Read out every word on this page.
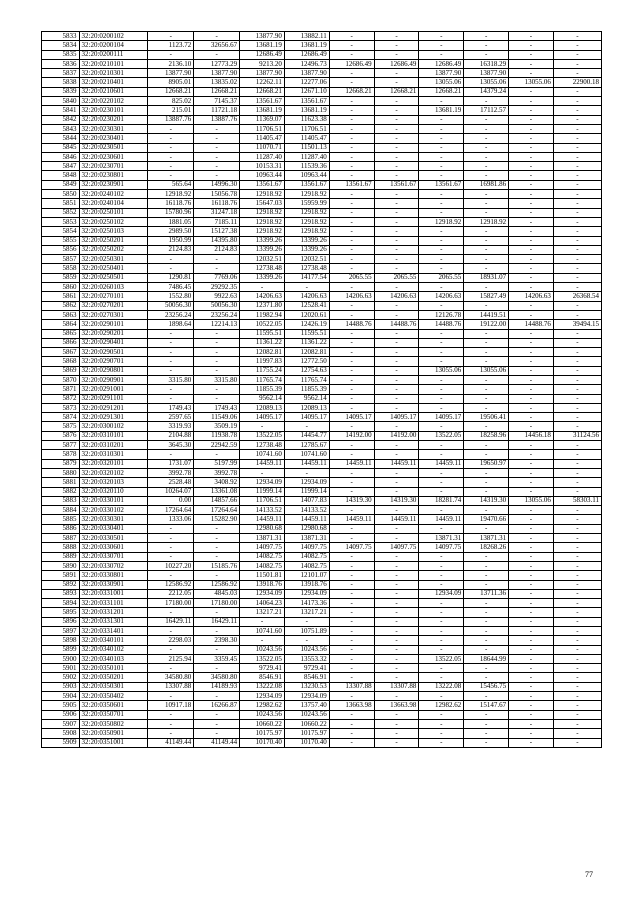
5833	32:20:0200102	-	-	13877.90	13882.11	-	-	-	-	-	-
5834	32:20:0200104	1123.72	32656.67	13681.19	13681.19	-	-	-	-	-	-
5835	32:20:0200111	-	-	12686.49	12686.49	-	-	-	-	-	-
5836	32:20:0210101	2136.10	12773.29	9213.20	12496.73	12686.49	12686.49	12686.49	16318.29	-	-
5837	32:20:0210301	13877.90	13877.90	13877.90	13877.90	-	-	13877.90	13877.90	-	-
5838	32:20:0210401	8905.01	13835.02	12262.11	12277.06	-	-	13055.06	13055.06	13055.06	22900.18
5839	32:20:0210601	12668.21	12668.21	12668.21	12671.10	12668.21	12668.21	12668.21	14379.24	-	-
5840	32:20:0220102	825.02	7145.37	13561.67	13561.67	-	-	-	-	-	-
5841	32:20:0230101	215.01	11721.18	13681.19	13681.19	-	-	13681.19	17112.57	-	-
5842	32:20:0230201	13887.76	13887.76	11369.07	11623.38	-	-	-	-	-	-
5843	32:20:0230301	-	-	11706.51	11706.51	-	-	-	-	-	-
5844	32:20:0230401	-	-	11405.47	11405.47	-	-	-	-	-	-
5845	32:20:0230501	-	-	11070.71	11501.13	-	-	-	-	-	-
5846	32:20:0230601	-	-	11287.40	11287.40	-	-	-	-	-	-
5847	32:20:0230701	-	-	10153.31	11539.36	-	-	-	-	-	-
5848	32:20:0230801	-	-	10963.44	10963.44	-	-	-	-	-	-
5849	32:20:0230901	565.64	14996.30	13561.67	13561.67	13561.67	13561.67	13561.67	16981.86	-	-
5850	32:20:0240102	12918.92	15056.78	12918.92	12918.92	-	-	-	-	-	-
5851	32:20:0240104	16118.76	16118.76	15647.03	15959.99	-	-	-	-	-	-
5852	32:20:0250101	15780.96	31247.18	12918.92	12918.92	-	-	-	-	-	-
5853	32:20:0250102	1881.05	7185.11	12918.92	12918.92	-	-	12918.92	12918.92	-	-
5854	32:20:0250103	2989.50	15127.38	12918.92	12918.92	-	-	-	-	-	-
5855	32:20:0250201	1950.99	14395.80	13399.26	13399.26	-	-	-	-	-	-
5856	32:20:0250202	2124.83	2124.83	13399.26	13399.26	-	-	-	-	-	-
5857	32:20:0250301	-	-	12032.51	12032.51	-	-	-	-	-	-
5858	32:20:0250401	-	-	12738.48	12738.48	-	-	-	-	-	-
5859	32:20:0250501	1290.81	7769.06	13399.26	14177.54	2065.55	2065.55	2065.55	18931.07	-	-
5860	32:20:0260103	7486.45	29292.35	-	-	-	-	-	-	-	-
5861	32:20:0270101	1552.80	9922.63	14206.63	14206.63	14206.63	14206.63	14206.63	15827.49	14206.63	26368.54
5862	32:20:0270201	50056.30	50056.30	12371.80	12528.41	-	-	-	-	-	-
5863	32:20:0270301	23256.24	23256.24	11982.94	12020.61	-	-	12126.78	14419.51	-	-
5864	32:20:0290101	1898.64	12214.13	10522.05	12426.19	14488.76	14488.76	14488.76	19122.00	14488.76	39494.15
5865	32:20:0290201	-	-	11595.51	11595.51	-	-	-	-	-	-
5866	32:20:0290401	-	-	11361.22	11361.22	-	-	-	-	-	-
5867	32:20:0290501	-	-	12082.81	12082.81	-	-	-	-	-	-
5868	32:20:0290701	-	-	11997.83	12772.50	-	-	-	-	-	-
5869	32:20:0290801	-	-	11755.24	12754.63	-	-	13055.06	13055.06	-	-
5870	32:20:0290901	3315.80	3315.80	11765.74	11765.74	-	-	-	-	-	-
5871	32:20:0291001	-	-	11855.39	11855.39	-	-	-	-	-	-
5872	32:20:0291101	-	-	9562.14	9562.14	-	-	-	-	-	-
5873	32:20:0291201	1749.43	1749.43	12089.13	12089.13	-	-	-	-	-	-
5874	32:20:0291301	2597.65	11549.06	14095.17	14095.17	14095.17	14095.17	14095.17	19506.41	-	-
5875	32:20:0300102	3319.93	3509.19	-	-	-	-	-	-	-	-
5876	32:20:0310101	2104.88	11938.78	13522.05	14454.77	14192.00	14192.00	13522.05	18258.96	14456.18	31124.56
5877	32:20:0310201	3645.30	22942.59	12738.48	12785.67	-	-	-	-	-	-
5878	32:20:0310301	-	-	10741.60	10741.60	-	-	-	-	-	-
5879	32:20:0320101	1731.07	5197.99	14459.11	14459.11	14459.11	14459.11	14459.11	19650.97	-	-
5880	32:20:0320102	3992.78	3992.78	-	-	-	-	-	-	-	-
5881	32:20:0320103	2528.48	3408.92	12934.09	12934.09	-	-	-	-	-	-
5882	32:20:0320110	10264.07	13361.08	11999.14	11999.14	-	-	-	-	-	-
5883	32:20:0330101	0.00	14857.66	11706.51	14077.83	14319.30	14319.30	18281.74	14319.30	13055.06	58303.11
5884	32:20:0330102	17264.64	17264.64	14133.52	14133.52	-	-	-	-	-	-
5885	32:20:0330301	1333.06	15282.90	14459.11	14459.11	14459.11	14459.11	14459.11	19470.66	-	-
5886	32:20:0330401	-	-	12980.68	12980.68	-	-	-	-	-	-
5887	32:20:0330501	-	-	13871.31	13871.31	-	-	13871.31	13871.31	-	-
5888	32:20:0330601	-	-	14097.75	14097.75	14097.75	14097.75	14097.75	18268.26	-	-
5889	32:20:0330701	-	-	14082.75	14082.75	-	-	-	-	-	-
5890	32:20:0330702	10227.20	15185.76	14082.75	14082.75	-	-	-	-	-	-
5891	32:20:0330801	-	-	11501.81	12101.07	-	-	-	-	-	-
5892	32:20:0330901	12586.92	12586.92	13918.76	13918.76	-	-	-	-	-	-
5893	32:20:0331001	2212.05	4845.03	12934.09	12934.09	-	-	12934.09	13711.36	-	-
5894	32:20:0331101	17180.00	17180.00	14064.23	14173.36	-	-	-	-	-	-
5895	32:20:0331201	-	-	13217.21	13217.21	-	-	-	-	-	-
5896	32:20:0331301	16429.11	16429.11	-	-	-	-	-	-	-	-
5897	32:20:0331401	-	-	10741.60	10751.89	-	-	-	-	-	-
5898	32:20:0340101	2298.03	2398.30	-	-	-	-	-	-	-	-
5899	32:20:0340102	-	-	10243.56	10243.56	-	-	-	-	-	-
5900	32:20:0340103	2125.94	3359.45	13522.05	13553.32	-	-	13522.05	18644.99	-	-
5901	32:20:0350101	-	-	9729.41	9729.41	-	-	-	-	-	-
5902	32:20:0350201	34580.80	34580.80	8546.91	8546.91	-	-	-	-	-	-
5903	32:20:0350301	13307.88	14189.93	13222.08	13230.53	13307.88	13307.88	13222.08	15456.75	-	-
5904	32:20:0350402	-	-	12934.09	12934.09	-	-	-	-	-	-
5905	32:20:0350601	10917.18	16266.87	12982.62	13757.40	13663.98	13663.98	12982.62	15147.67	-	-
5906	32:20:0350701	-	-	10243.56	10243.56	-	-	-	-	-	-
5907	32:20:0350802	-	-	10660.22	10660.22	-	-	-	-	-	-
5908	32:20:0350901	-	-	10175.97	10175.97	-	-	-	-	-	-
5909	32:20:0351001	41149.44	41149.44	10170.40	10170.40	-	-	-	-	-	-
77
